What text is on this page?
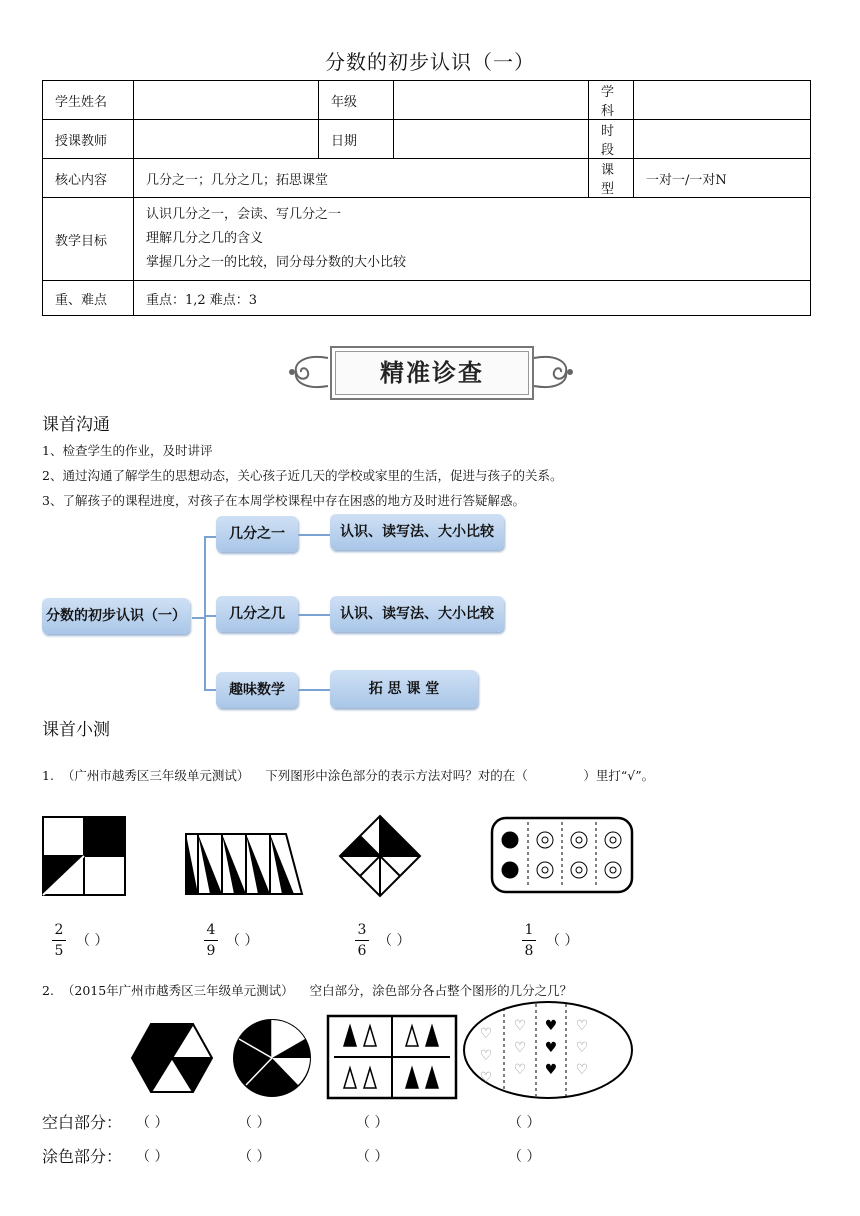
分数的初步认识（一）
学生姓名		年级		学科	
授课教师		日期		时段	
核心内容	几分之一；几分之几；拓思课堂			课型	一对一/一对N
教学目标	认识几分之一，会读、写几分之一
理解几分之几的含义
掌握几分之一的比较，同分母分数的大小比较				

重、难点	重点：1,2 难点：3				
精准诊查
课首沟通
1、检查学生的作业，及时讲评
2、通过沟通了解学生的思想动态，关心孩子近几天的学校或家里的生活，促进与孩子的关系。
3、了解孩子的课程进度，对孩子在本周学校课程中存在困惑的地方及时进行答疑解惑。
分数的初步认识（一）
几分之一
几分之几
趣味数学
认识、读写法、大小比较
认识、读写法、大小比较
拓 思 课 堂
课首小测
1.  （广州市越秀区三年级单元测试）    下列图形中涂色部分的表示方法对吗？对的在（              ）里打“√”。
2
5
（ ）
4
9
（ ）
3
6
（ ）
1
8
（ ）
2.  （2015年广州市越秀区三年级单元测试）    空白部分，涂色部分各占整个图形的几分之几？
♡
♡
♡
♡
♡
♡
♥
♥
♥
♡
♡
♡
空白部分： （ ）	（ ）	（ ）	（ ）
涂色部分： （ ）	（ ）	（ ）	（ ）
